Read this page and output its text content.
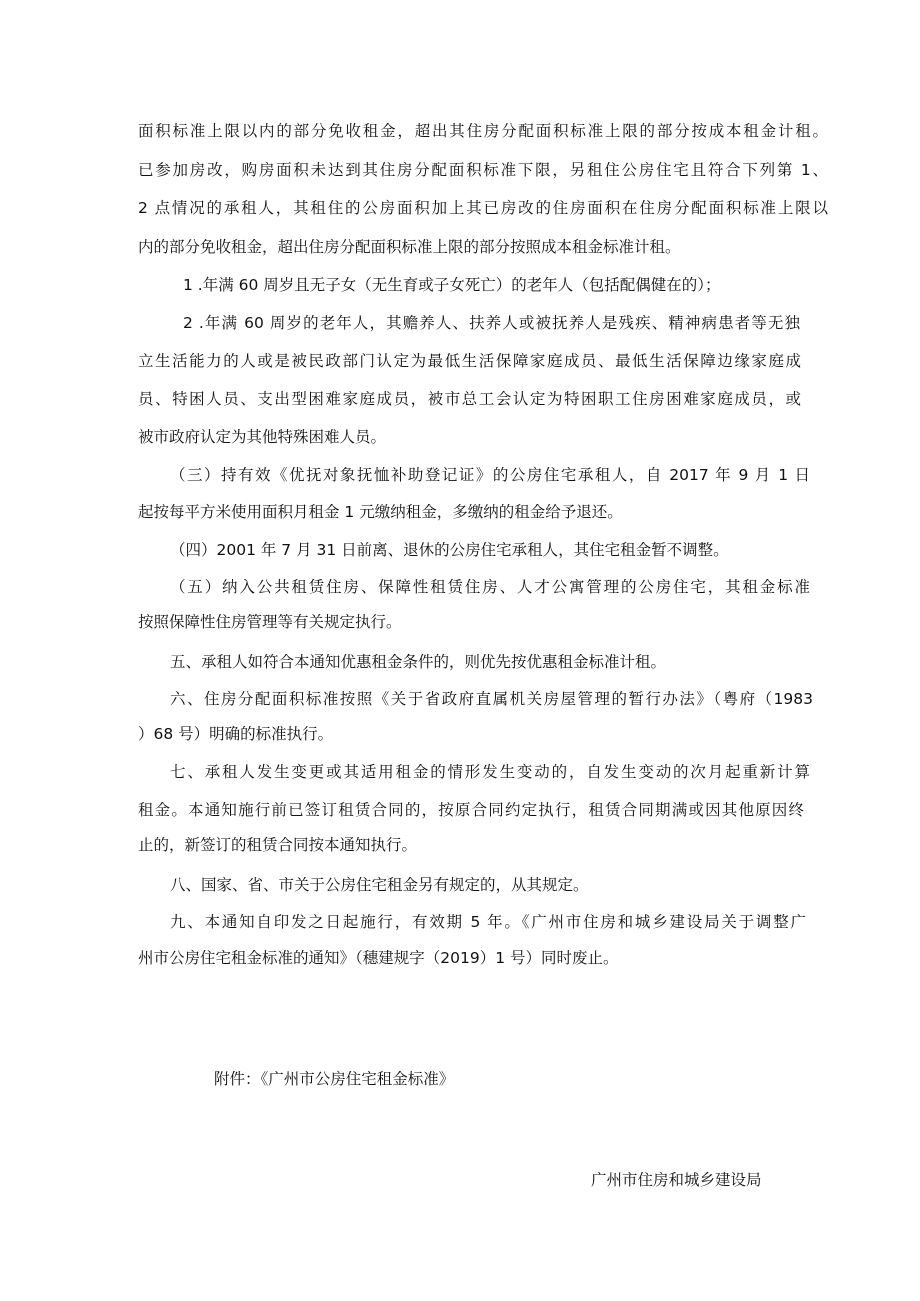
面积标准上限以内的部分免收租金，超出其住房分配面积标准上限的部分按成本租金计租。
已参加房改，购房面积未达到其住房分配面积标准下限，另租住公房住宅且符合下列第 1、
2 点情况的承租人，其租住的公房面积加上其已房改的住房面积在住房分配面积标准上限以
内的部分免收租金，超出住房分配面积标准上限的部分按照成本租金标准计租。
1 .年满 60 周岁且无子女（无生育或子女死亡）的老年人（包括配偶健在的）；
2 .年满 60 周岁的老年人，其赡养人、扶养人或被抚养人是残疾、精神病患者等无独
立生活能力的人或是被民政部门认定为最低生活保障家庭成员、最低生活保障边缘家庭成
员、特困人员、支出型困难家庭成员，被市总工会认定为特困职工住房困难家庭成员，或
被市政府认定为其他特殊困难人员。
（三）持有效《优抚对象抚恤补助登记证》的公房住宅承租人，自 2017 年 9 月 1 日
起按每平方米使用面积月租金 1 元缴纳租金，多缴纳的租金给予退还。
（四）2001 年 7 月 31 日前离、退休的公房住宅承租人，其住宅租金暂不调整。
（五）纳入公共租赁住房、保障性租赁住房、人才公寓管理的公房住宅，其租金标准
按照保障性住房管理等有关规定执行。
五、承租人如符合本通知优惠租金条件的，则优先按优惠租金标准计租。
六、住房分配面积标准按照《关于省政府直属机关房屋管理的暂行办法》（粤府（1983
）68 号）明确的标准执行。
七、承租人发生变更或其适用租金的情形发生变动的，自发生变动的次月起重新计算
租金。本通知施行前已签订租赁合同的，按原合同约定执行，租赁合同期满或因其他原因终
止的，新签订的租赁合同按本通知执行。
八、国家、省、市关于公房住宅租金另有规定的，从其规定。
九、本通知自印发之日起施行，有效期 5 年。《广州市住房和城乡建设局关于调整广
州市公房住宅租金标准的通知》（穗建规字（2019）1 号）同时废止。
附件：《广州市公房住宅租金标准》
广州市住房和城乡建设局
